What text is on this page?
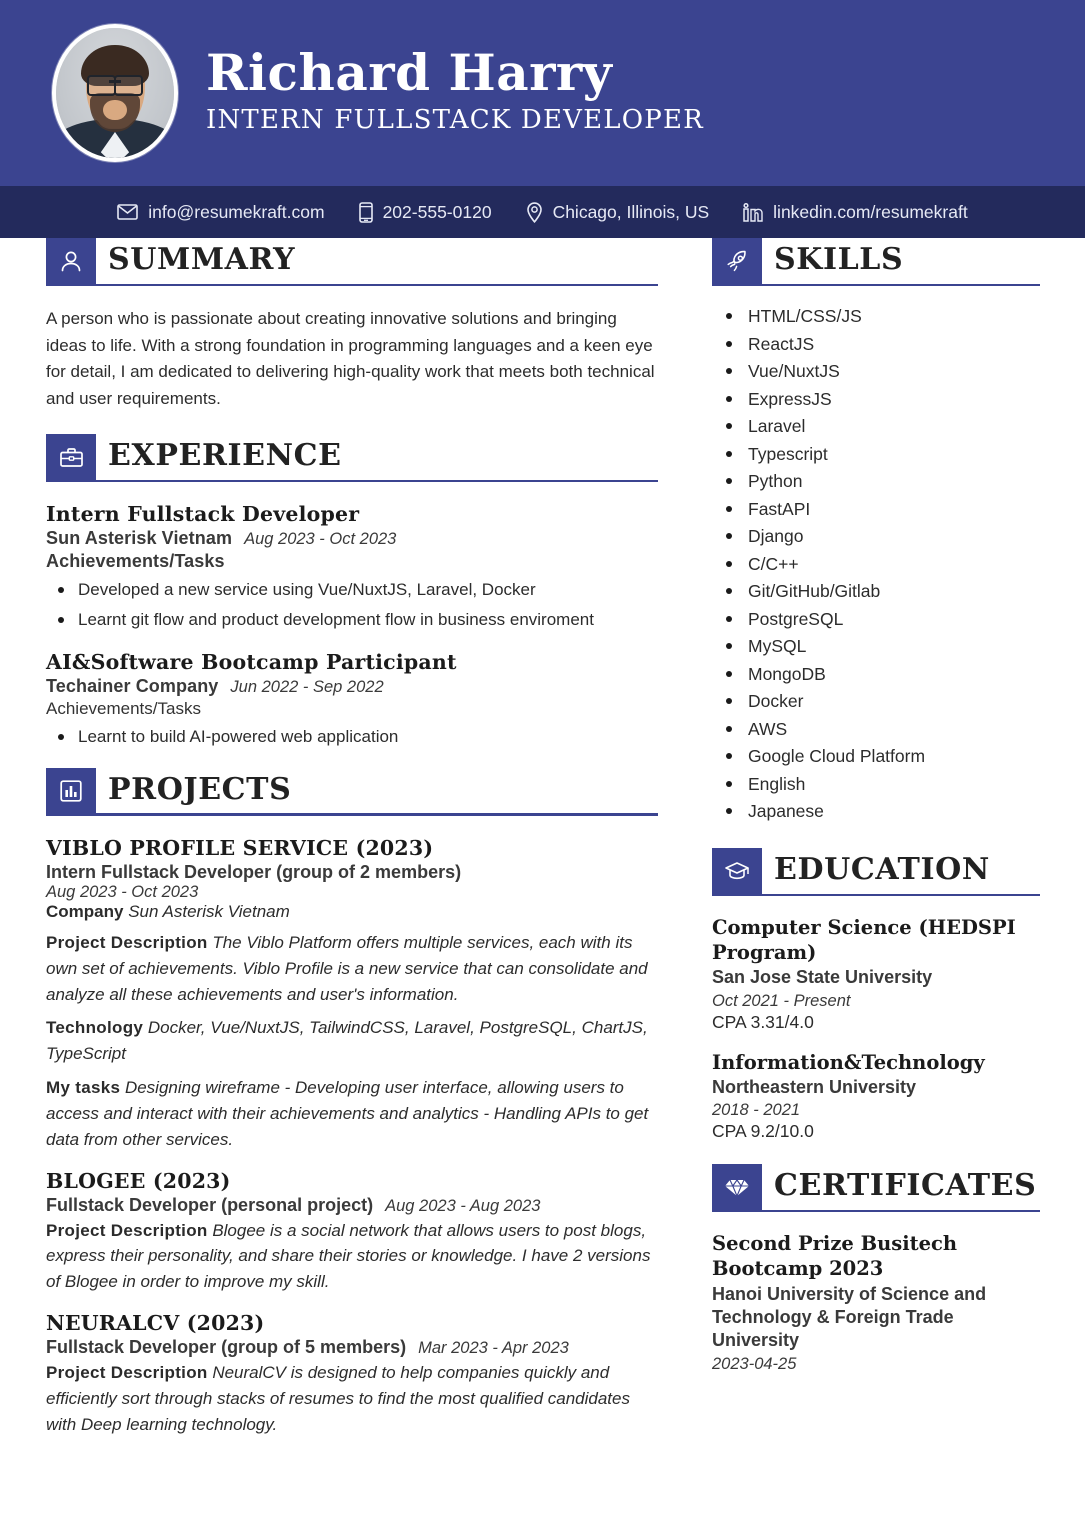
Richard Harry
INTERN FULLSTACK DEVELOPER
info@resumekraft.com	202-555-0120	Chicago, Illinois, US	linkedin.com/resumekraft
SUMMARY
A person who is passionate about creating innovative solutions and bringing ideas to life. With a strong foundation in programming languages and a keen eye for detail, I am dedicated to delivering high-quality work that meets both technical and user requirements.
EXPERIENCE
Intern Fullstack Developer
Sun Asterisk Vietnam Aug 2023 - Oct 2023
Achievements/Tasks
Developed a new service using Vue/NuxtJS, Laravel, Docker
Learnt git flow and product development flow in business enviroment
AI&Software Bootcamp Participant
Techainer Company Jun 2022 - Sep 2022
Achievements/Tasks
Learnt to build AI-powered web application
PROJECTS
VIBLO PROFILE SERVICE (2023)
Intern Fullstack Developer (group of 2 members)
Aug 2023 - Oct 2023
Company Sun Asterisk Vietnam
Project Description The Viblo Platform offers multiple services, each with its own set of achievements. Viblo Profile is a new service that can consolidate and analyze all these achievements and user's information.
Technology Docker, Vue/NuxtJS, TailwindCSS, Laravel, PostgreSQL, ChartJS, TypeScript
My tasks Designing wireframe - Developing user interface, allowing users to access and interact with their achievements and analytics - Handling APIs to get data from other services.
BLOGEE (2023)
Fullstack Developer (personal project) Aug 2023 - Aug 2023
Project Description Blogee is a social network that allows users to post blogs, express their personality, and share their stories or knowledge. I have 2 versions of Blogee in order to improve my skill.
NEURALCV (2023)
Fullstack Developer (group of 5 members) Mar 2023 - Apr 2023
Project Description NeuralCV is designed to help companies quickly and efficiently sort through stacks of resumes to find the most qualified candidates with Deep learning technology.
SKILLS
HTML/CSS/JS
ReactJS
Vue/NuxtJS
ExpressJS
Laravel
Typescript
Python
FastAPI
Django
C/C++
Git/GitHub/Gitlab
PostgreSQL
MySQL
MongoDB
Docker
AWS
Google Cloud Platform
English
Japanese
EDUCATION
Computer Science (HEDSPI Program)
San Jose State University
Oct 2021 - Present
CPA 3.31/4.0
Information&Technology
Northeastern University
2018 - 2021
CPA 9.2/10.0
CERTIFICATES
Second Prize Busitech Bootcamp 2023
Hanoi University of Science and Technology & Foreign Trade University
2023-04-25
